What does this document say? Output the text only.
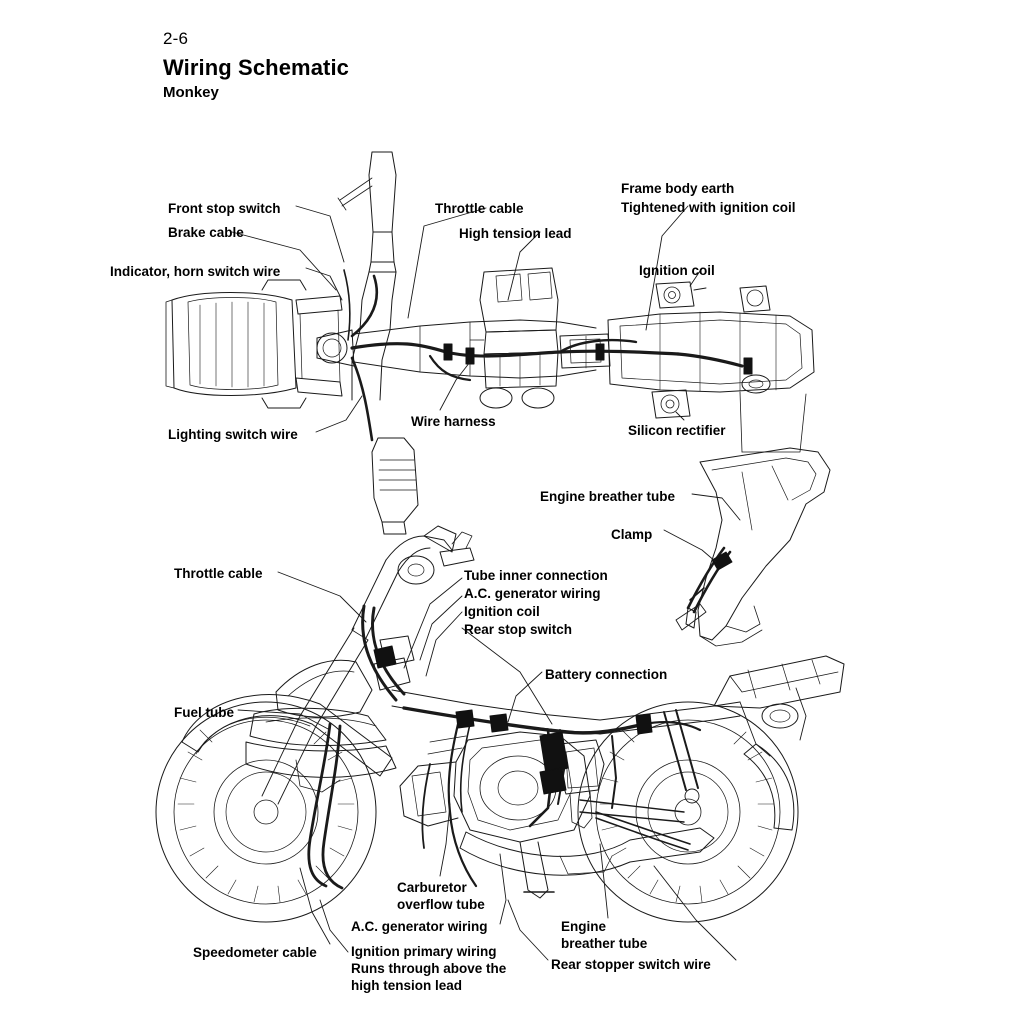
2-6
Wiring Schematic
Monkey
Front stop switch
Brake cable
Indicator, horn switch wire
Throttle cable
High tension lead
Frame body earth
Tightened with ignition coil
Ignition coil
Lighting switch wire
Wire harness
Silicon rectifier
Engine breather tube
Clamp
Throttle cable
Fuel tube
Tube inner connection
A.C. generator wiring
Ignition coil
Rear stop switch
Battery connection
Carburetor
overflow tube
A.C. generator wiring
Speedometer cable	Ignition primary wiring
Runs through above the
high tension lead
Engine
breather tube
Rear stopper switch wire
